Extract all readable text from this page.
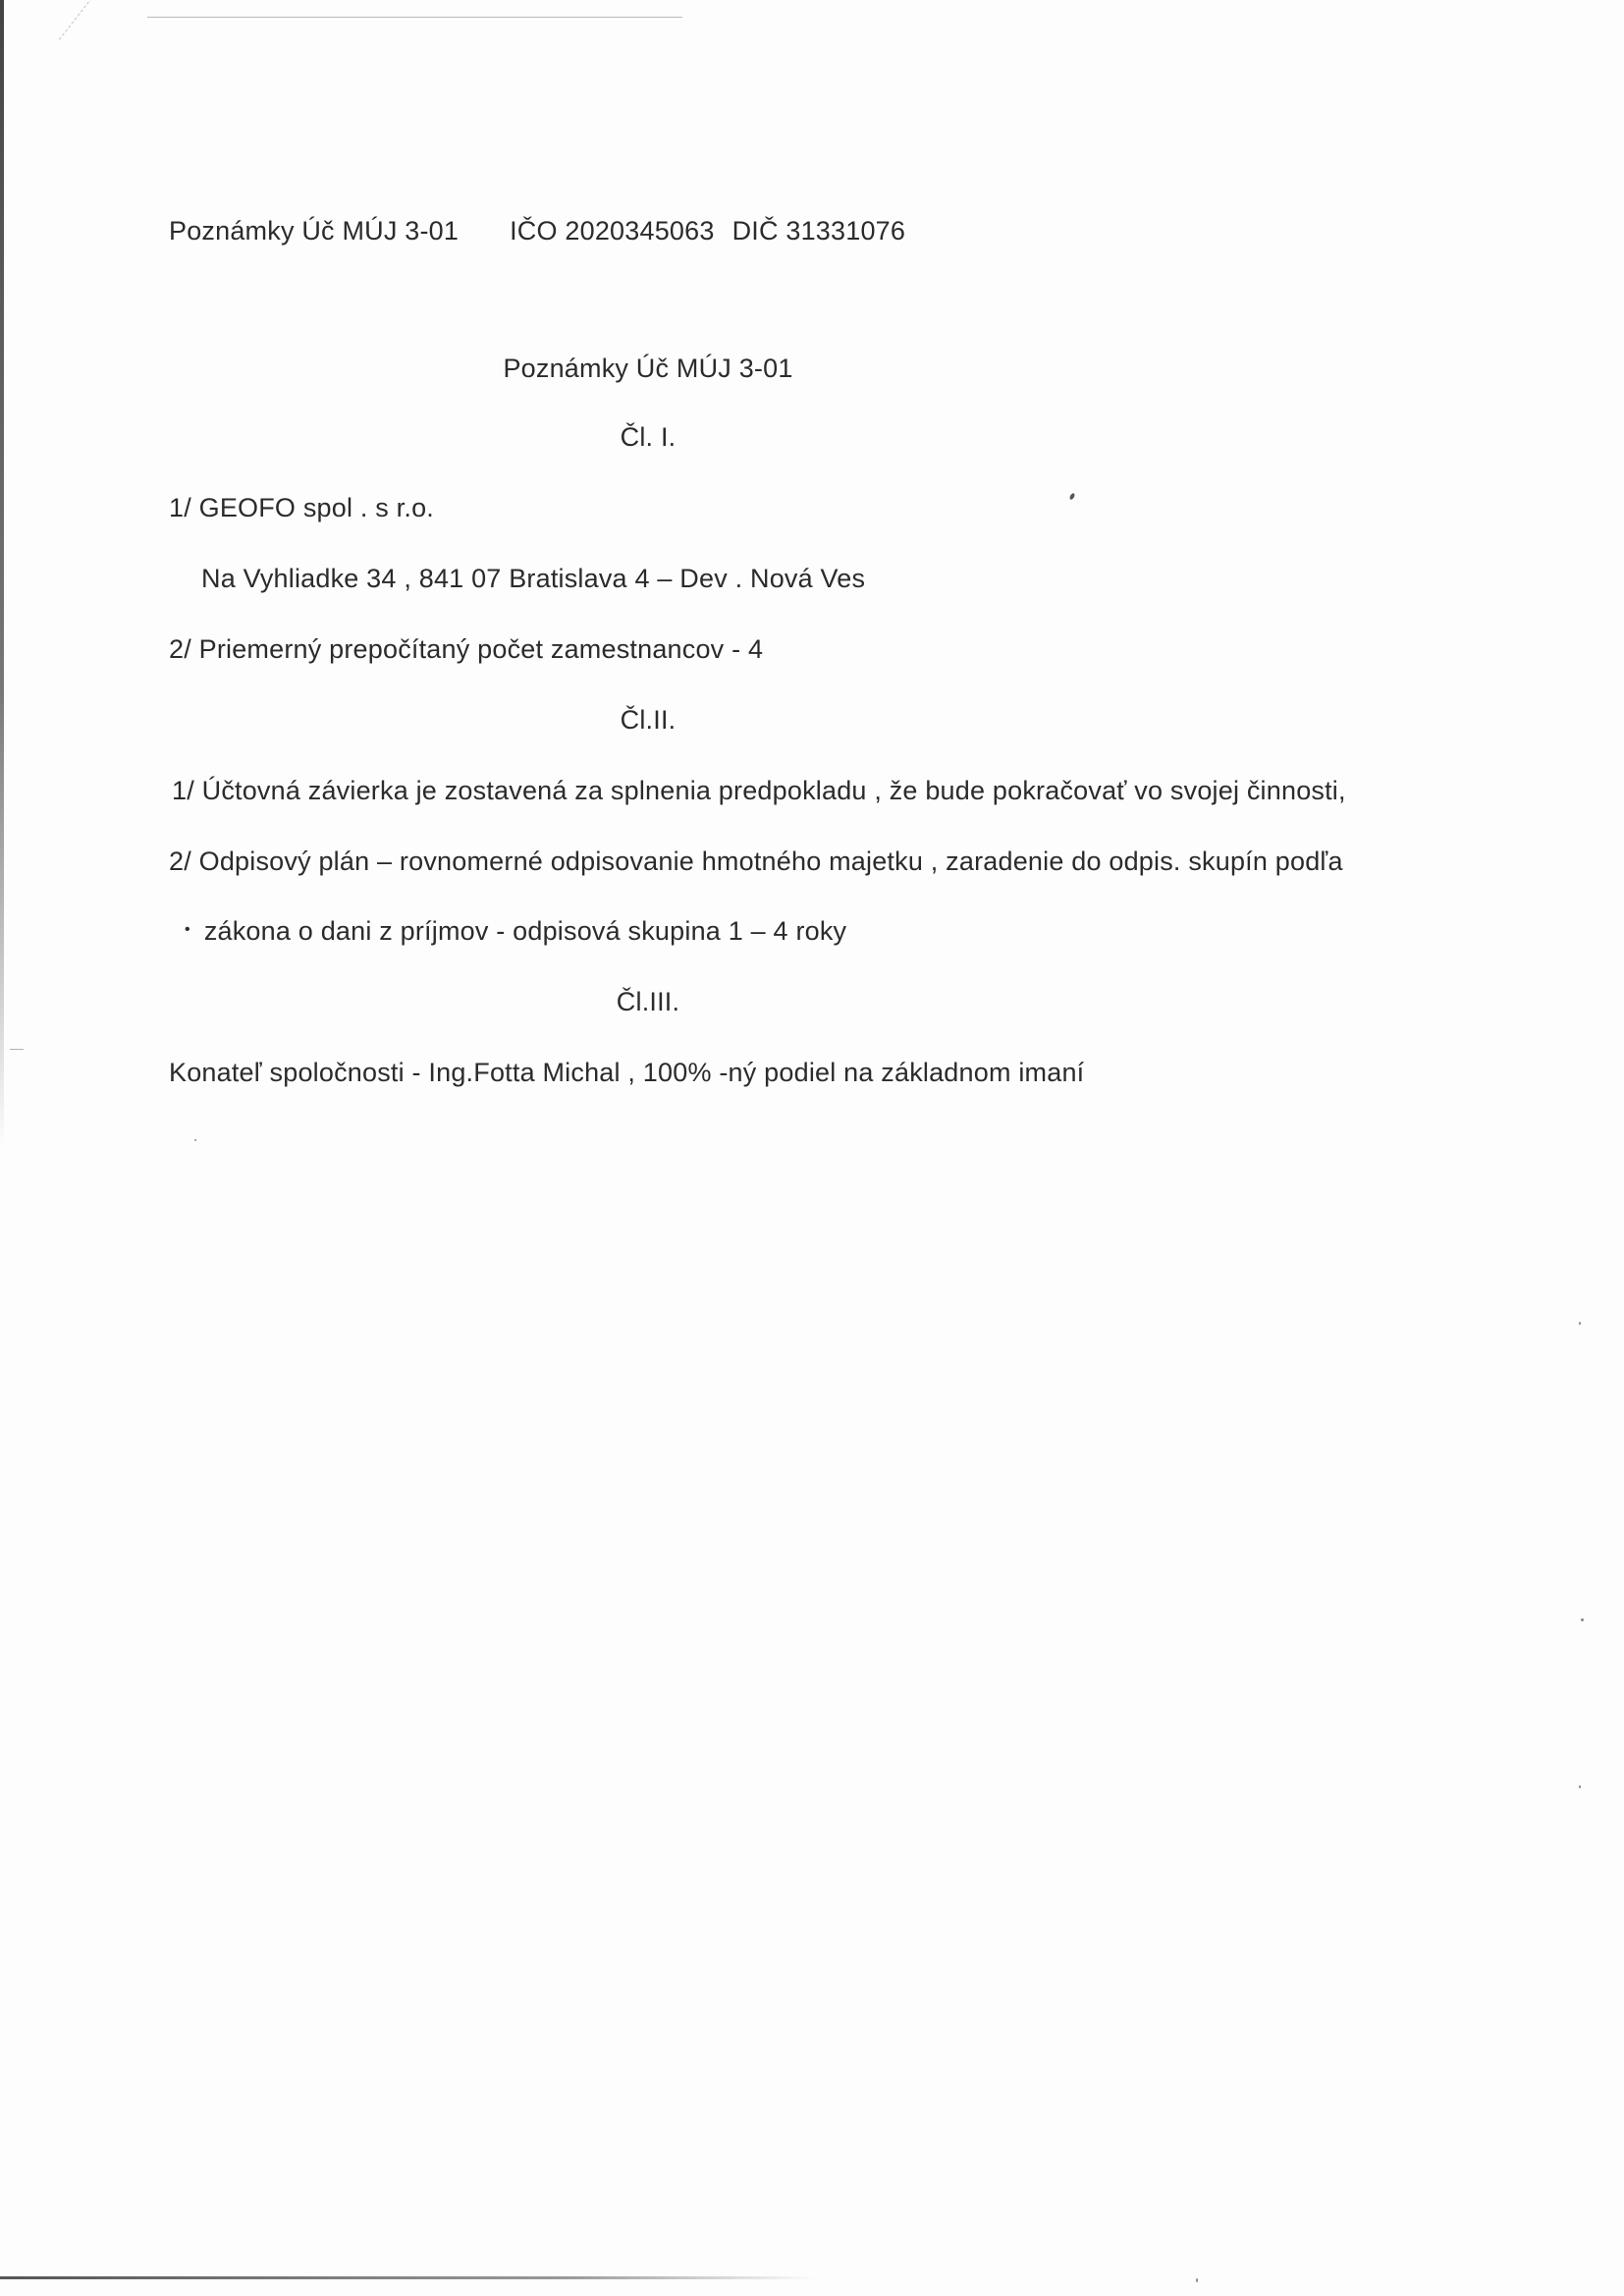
Poznámky Úč MÚJ 3-01 IČO 2020345063 DIČ 31331076
Poznámky Úč MÚJ 3-01
Čl. I.
1/ GEOFO spol . s r.o.
Na Vyhliadke 34 , 841 07 Bratislava 4 – Dev . Nová Ves
2/ Priemerný prepočítaný počet zamestnancov - 4
Čl.II.
1/ Účtovná závierka je zostavená za splnenia predpokladu , že bude pokračovať vo svojej činnosti,
2/ Odpisový plán – rovnomerné odpisovanie hmotného majetku , zaradenie do odpis. skupín podľa
• zákona o dani z príjmov - odpisová skupina 1 – 4 roky
Čl.III.
Konateľ spoločnosti - Ing.Fotta Michal , 100% -ný podiel na základnom imaní
